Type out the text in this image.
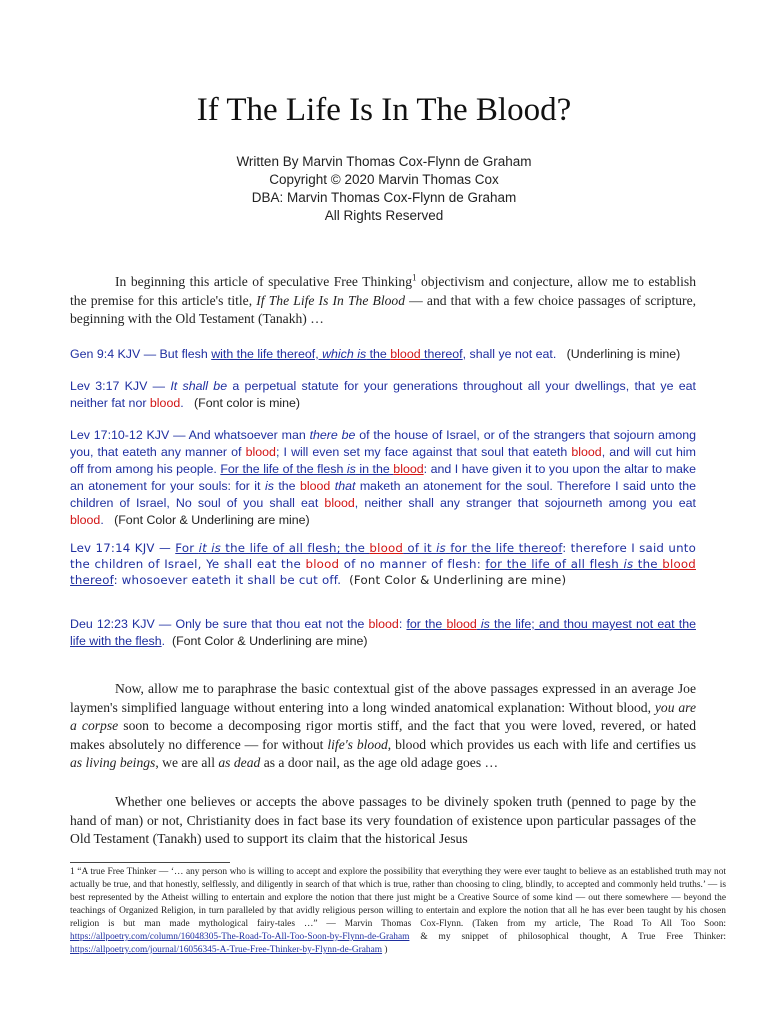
If The Life Is In The Blood?
Written By Marvin Thomas Cox-Flynn de Graham
Copyright © 2020 Marvin Thomas Cox
DBA: Marvin Thomas Cox-Flynn de Graham
All Rights Reserved
In beginning this article of speculative Free Thinking$^1$ objectivism and conjecture, allow me to establish the premise for this article's title, If The Life Is In The Blood — and that with a few choice passages of scripture, beginning with the Old Testament (Tanakh) …
Gen 9:4 KJV — But flesh with the life thereof, which is the blood thereof, shall ye not eat. (Underlining is mine)
Lev 3:17 KJV — It shall be a perpetual statute for your generations throughout all your dwellings, that ye eat neither fat nor blood. (Font color is mine)
Lev 17:10-12 KJV — And whatsoever man there be of the house of Israel, or of the strangers that sojourn among you, that eateth any manner of blood; I will even set my face against that soul that eateth blood, and will cut him off from among his people. For the life of the flesh is in the blood: and I have given it to you upon the altar to make an atonement for your souls: for it is the blood that maketh an atonement for the soul. Therefore I said unto the children of Israel, No soul of you shall eat blood, neither shall any stranger that sojourneth among you eat blood. (Font Color & Underlining are mine)
Lev 17:14 KJV — For it is the life of all flesh; the blood of it is for the life thereof: therefore I said unto the children of Israel, Ye shall eat the blood of no manner of flesh: for the life of all flesh is the blood thereof: whosoever eateth it shall be cut off. (Font Color & Underlining are mine)
Deu 12:23 KJV — Only be sure that thou eat not the blood: for the blood is the life; and thou mayest not eat the life with the flesh. (Font Color & Underlining are mine)
Now, allow me to paraphrase the basic contextual gist of the above passages expressed in an average Joe laymen's simplified language without entering into a long winded anatomical explanation: Without blood, you are a corpse soon to become a decomposing rigor mortis stiff, and the fact that you were loved, revered, or hated makes absolutely no difference — for without life's blood, blood which provides us each with life and certifies us as living beings, we are all as dead as a door nail, as the age old adage goes …
Whether one believes or accepts the above passages to be divinely spoken truth (penned to page by the hand of man) or not, Christianity does in fact base its very foundation of existence upon particular passages of the Old Testament (Tanakh) used to support its claim that the historical Jesus
1 “A true Free Thinker — ‘… any person who is willing to accept and explore the possibility that everything they were ever taught to believe as an established truth may not actually be true, and that honestly, selflessly, and diligently in search of that which is true, rather than choosing to cling, blindly, to accepted and commonly held truths.’ — is best represented by the Atheist willing to entertain and explore the notion that there just might be a Creative Source of some kind — out there somewhere — beyond the teachings of Organized Religion, in turn paralleled by that avidly religious person willing to entertain and explore the notion that all he has ever been taught by his chosen religion is but man made mythological fairy-tales …” — Marvin Thomas Cox-Flynn. (Taken from my article, The Road To All Too Soon: https://allpoetry.com/column/16048305-The-Road-To-All-Too-Soon-by-Flynn-de-Graham & my snippet of philosophical thought, A True Free Thinker: https://allpoetry.com/journal/16056345-A-True-Free-Thinker-by-Flynn-de-Graham )
